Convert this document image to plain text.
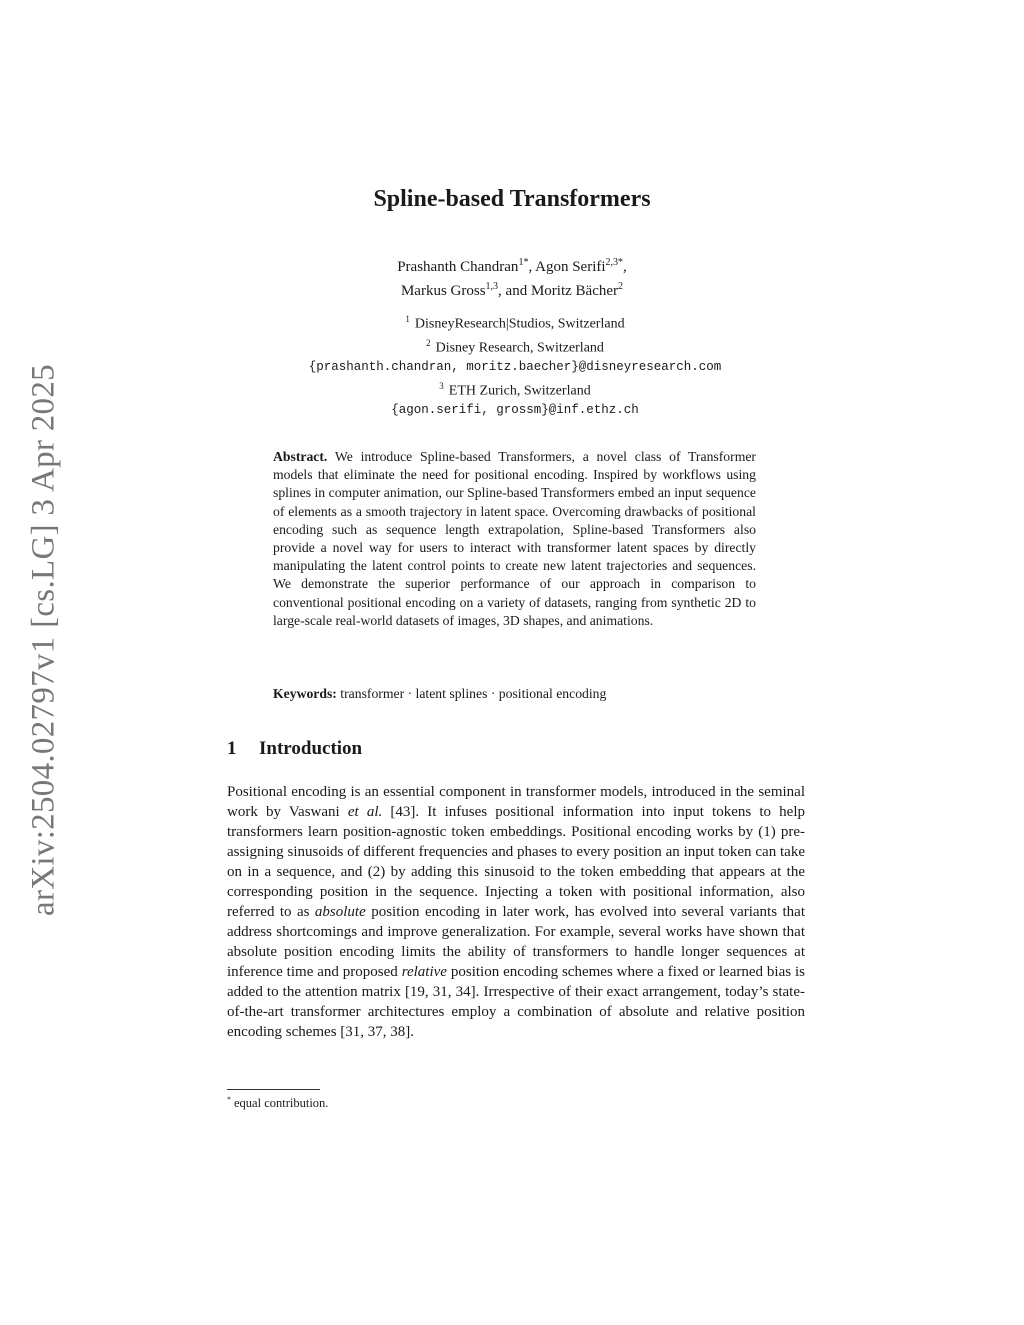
arXiv:2504.02797v1 [cs.LG] 3 Apr 2025
Spline-based Transformers
Prashanth Chandran$^{1*}$, Agon Serifi$^{2,3*}$,
Markus Gross$^{1,3}$, and Moritz Bächer$^2$
$^1$ DisneyResearch|Studios, Switzerland
$^2$ Disney Research, Switzerland
{prashanth.chandran, moritz.baecher}@disneyresearch.com
$^3$ ETH Zurich, Switzerland
{agon.serifi, grossm}@inf.ethz.ch

Abstract. We introduce Spline-based Transformers, a novel class of Transformer models that eliminate the need for positional encoding. Inspired by workflows using splines in computer animation, our Spline-based Transformers embed an input sequence of elements as a smooth trajectory in latent space. Overcoming drawbacks of positional encoding such as sequence length extrapolation, Spline-based Transformers also provide a novel way for users to interact with transformer latent spaces by directly manipulating the latent control points to create new latent trajectories and sequences. We demonstrate the superior performance of our approach in comparison to conventional positional encoding on a variety of datasets, ranging from synthetic 2D to large-scale real-world datasets of images, 3D shapes, and animations.

Keywords: transformer · latent splines · positional encoding

1 Introduction

Positional encoding is an essential component in transformer models, introduced in the seminal work by Vaswani et al. [43]. It infuses positional information into input tokens to help transformers learn position-agnostic token embeddings. Positional encoding works by (1) pre-assigning sinusoids of different frequencies and phases to every position an input token can take on in a sequence, and (2) by adding this sinusoid to the token embedding that appears at the corresponding position in the sequence. Injecting a token with positional information, also referred to as absolute position encoding in later work, has evolved into several variants that address shortcomings and improve generalization. For example, several works have shown that absolute position encoding limits the ability of transformers to handle longer sequences at inference time and proposed relative position encoding schemes where a fixed or learned bias is added to the attention matrix [19, 31, 34]. Irrespective of their exact arrangement, today’s state-of-the-art transformer architectures employ a combination of absolute and relative position encoding schemes [31, 37, 38].

* equal contribution.
